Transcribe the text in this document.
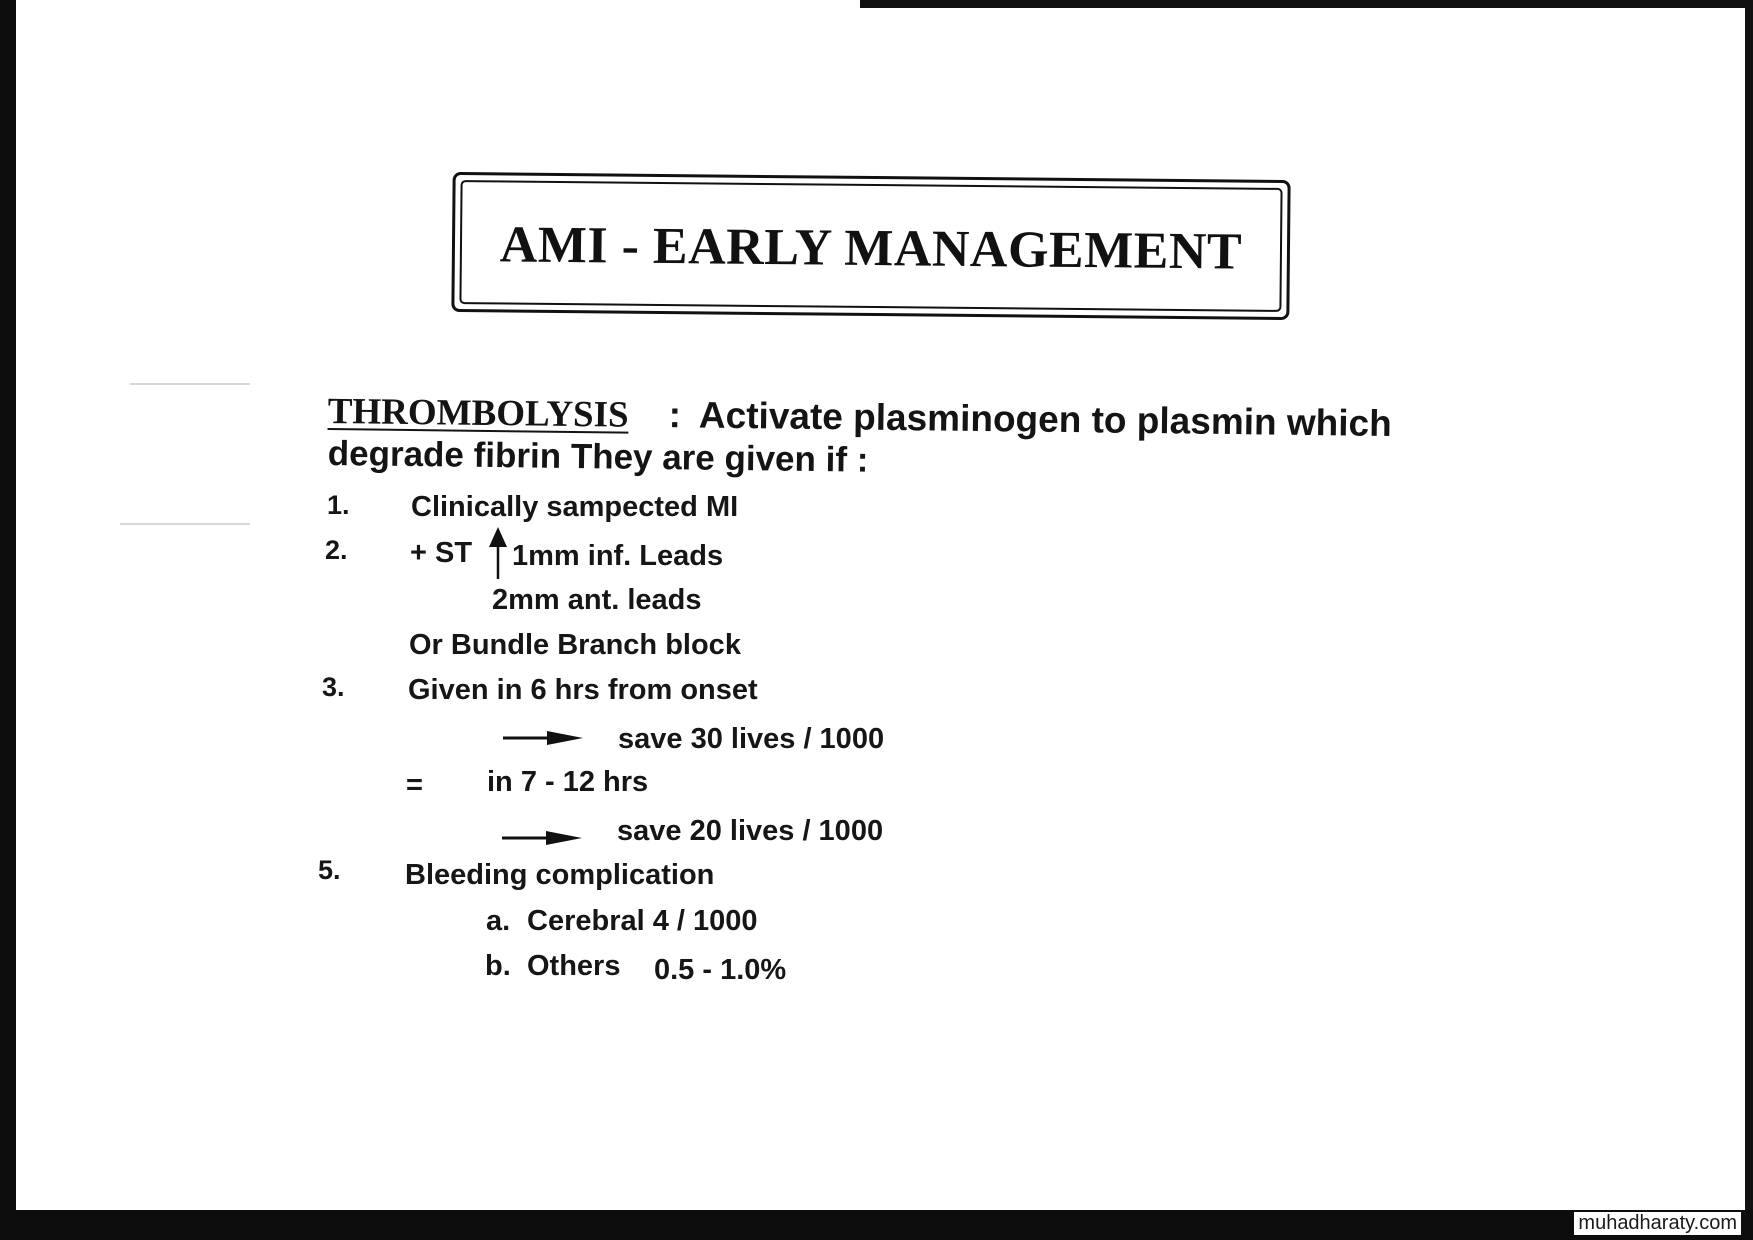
AMI - EARLY MANAGEMENT
THROMBOLYSIS : Activate plasminogen to plasmin which
degrade fibrin They are given if :
1. Clinically sampected MI
2. + ST 1mm inf. Leads
2mm ant. leads
Or Bundle Branch block
3. Given in 6 hrs from onset
save 30 lives / 1000
= in 7 - 12 hrs
save 20 lives / 1000
5. Bleeding complication
a. Cerebral 4 / 1000
b. Others 0.5 - 1.0%
muhadharaty.com
